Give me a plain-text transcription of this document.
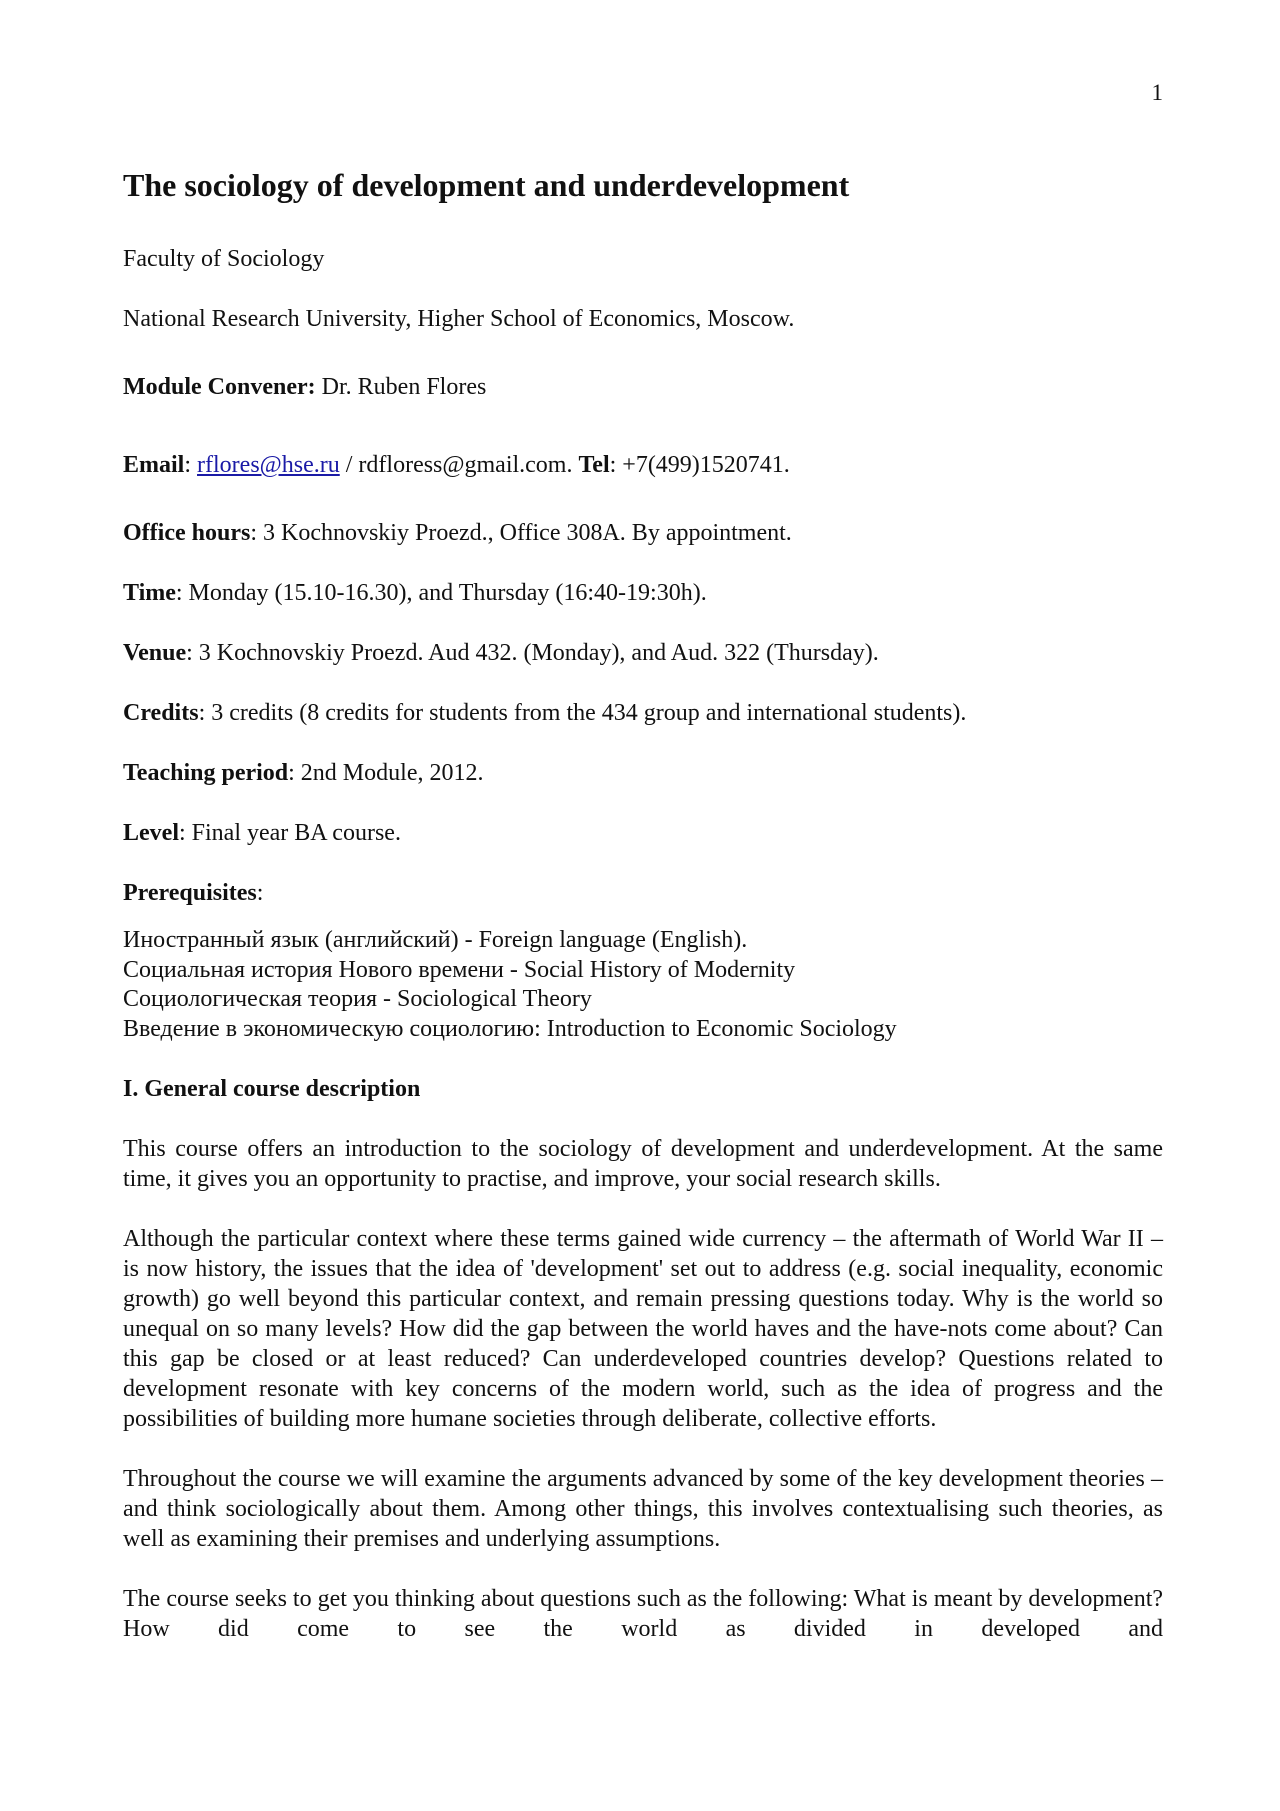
1
The sociology of development and underdevelopment

Faculty of Sociology

National Research University, Higher School of Economics, Moscow.

Module Convener: Dr. Ruben Flores

Email: rflores@hse.ru / rdfloress@gmail.com. Tel: +7(499)1520741.

Office hours: 3 Kochnovskiy Proezd., Office 308A. By appointment.

Time: Monday (15.10-16.30), and Thursday (16:40-19:30h).

Venue: 3 Kochnovskiy Proezd. Aud 432. (Monday), and Aud. 322 (Thursday).

Credits: 3 credits (8 credits for students from the 434 group and international students).

Teaching period: 2nd Module, 2012.

Level: Final year BA course.

Prerequisites:

Иностранный язык (английский) - Foreign language (English).
Социальная история Нового времени - Social History of Modernity
Социологическая теория - Sociological Theory
Введение в экономическую социологию: Introduction to Economic Sociology

I. General course description

This course offers an introduction to the sociology of development and underdevelopment. At the same time, it gives you an opportunity to practise, and improve, your social research skills.

Although the particular context where these terms gained wide currency – the aftermath of World War II – is now history, the issues that the idea of 'development' set out to address (e.g. social inequality, economic growth) go well beyond this particular context, and remain pressing questions today. Why is the world so unequal on so many levels? How did the gap between the world haves and the have-nots come about? Can this gap be closed or at least reduced? Can underdeveloped countries develop? Questions related to development resonate with key concerns of the modern world, such as the idea of progress and the possibilities of building more humane societies through deliberate, collective efforts.

Throughout the course we will examine the arguments advanced by some of the key development theories – and think sociologically about them. Among other things, this involves contextualising such theories, as well as examining their premises and underlying assumptions.

The course seeks to get you thinking about questions such as the following: What is meant by development? How did come to see the world as divided in developed and
